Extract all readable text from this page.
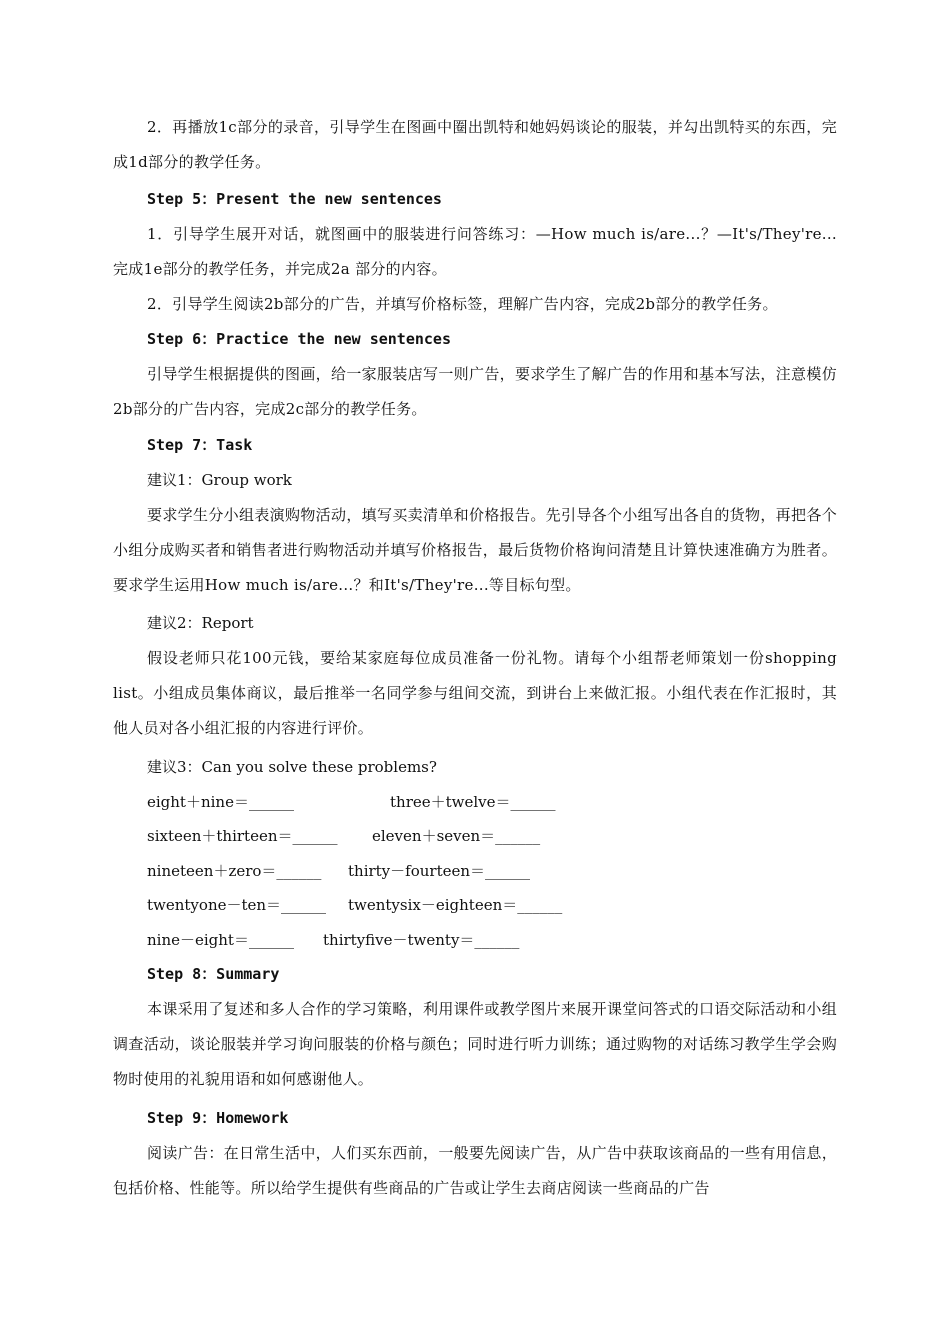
2．再播放1c部分的录音，引导学生在图画中圈出凯特和她妈妈谈论的服装，并勾出凯特买的东西，完成1d部分的教学任务。

Step 5：Present the new sentences

1．引导学生展开对话，就图画中的服装进行问答练习：—How much is/are...？—It's/They're...完成1e部分的教学任务，并完成2a 部分的内容。

2．引导学生阅读2b部分的广告，并填写价格标签，理解广告内容，完成2b部分的教学任务。

Step 6：Practice the new sentences

引导学生根据提供的图画，给一家服装店写一则广告，要求学生了解广告的作用和基本写法，注意模仿2b部分的广告内容，完成2c部分的教学任务。

Step 7：Task

建议1：Group work

要求学生分小组表演购物活动，填写买卖清单和价格报告。先引导各个小组写出各自的货物，再把各个小组分成购买者和销售者进行购物活动并填写价格报告，最后货物价格询问清楚且计算快速准确方为胜者。要求学生运用How much is/are...？和It's/They're...等目标句型。

建议2：Report

假设老师只花100元钱，要给某家庭每位成员准备一份礼物。请每个小组帮老师策划一份shopping list。小组成员集体商议，最后推举一名同学参与组间交流，到讲台上来做汇报。小组代表在作汇报时，其他人员对各小组汇报的内容进行评价。

建议3：Can you solve these problems?

eight＋nine＝______	three＋twelve＝______
sixteen＋thirteen＝______ eleven＋seven＝______
nineteen＋zero＝______ thirty－fourteen＝______
twentyone－ten＝______ twentysix－eighteen＝______
nine－eight＝______ thirtyfive－twenty＝______

Step 8：Summary

本课采用了复述和多人合作的学习策略，利用课件或教学图片来展开课堂问答式的口语交际活动和小组调查活动，谈论服装并学习询问服装的价格与颜色；同时进行听力训练；通过购物的对话练习教学生学会购物时使用的礼貌用语和如何感谢他人。

Step 9：Homework

阅读广告：在日常生活中，人们买东西前，一般要先阅读广告，从广告中获取该商品的一些有用信息，包括价格、性能等。所以给学生提供有些商品的广告或让学生去商店阅读一些商品的广告
